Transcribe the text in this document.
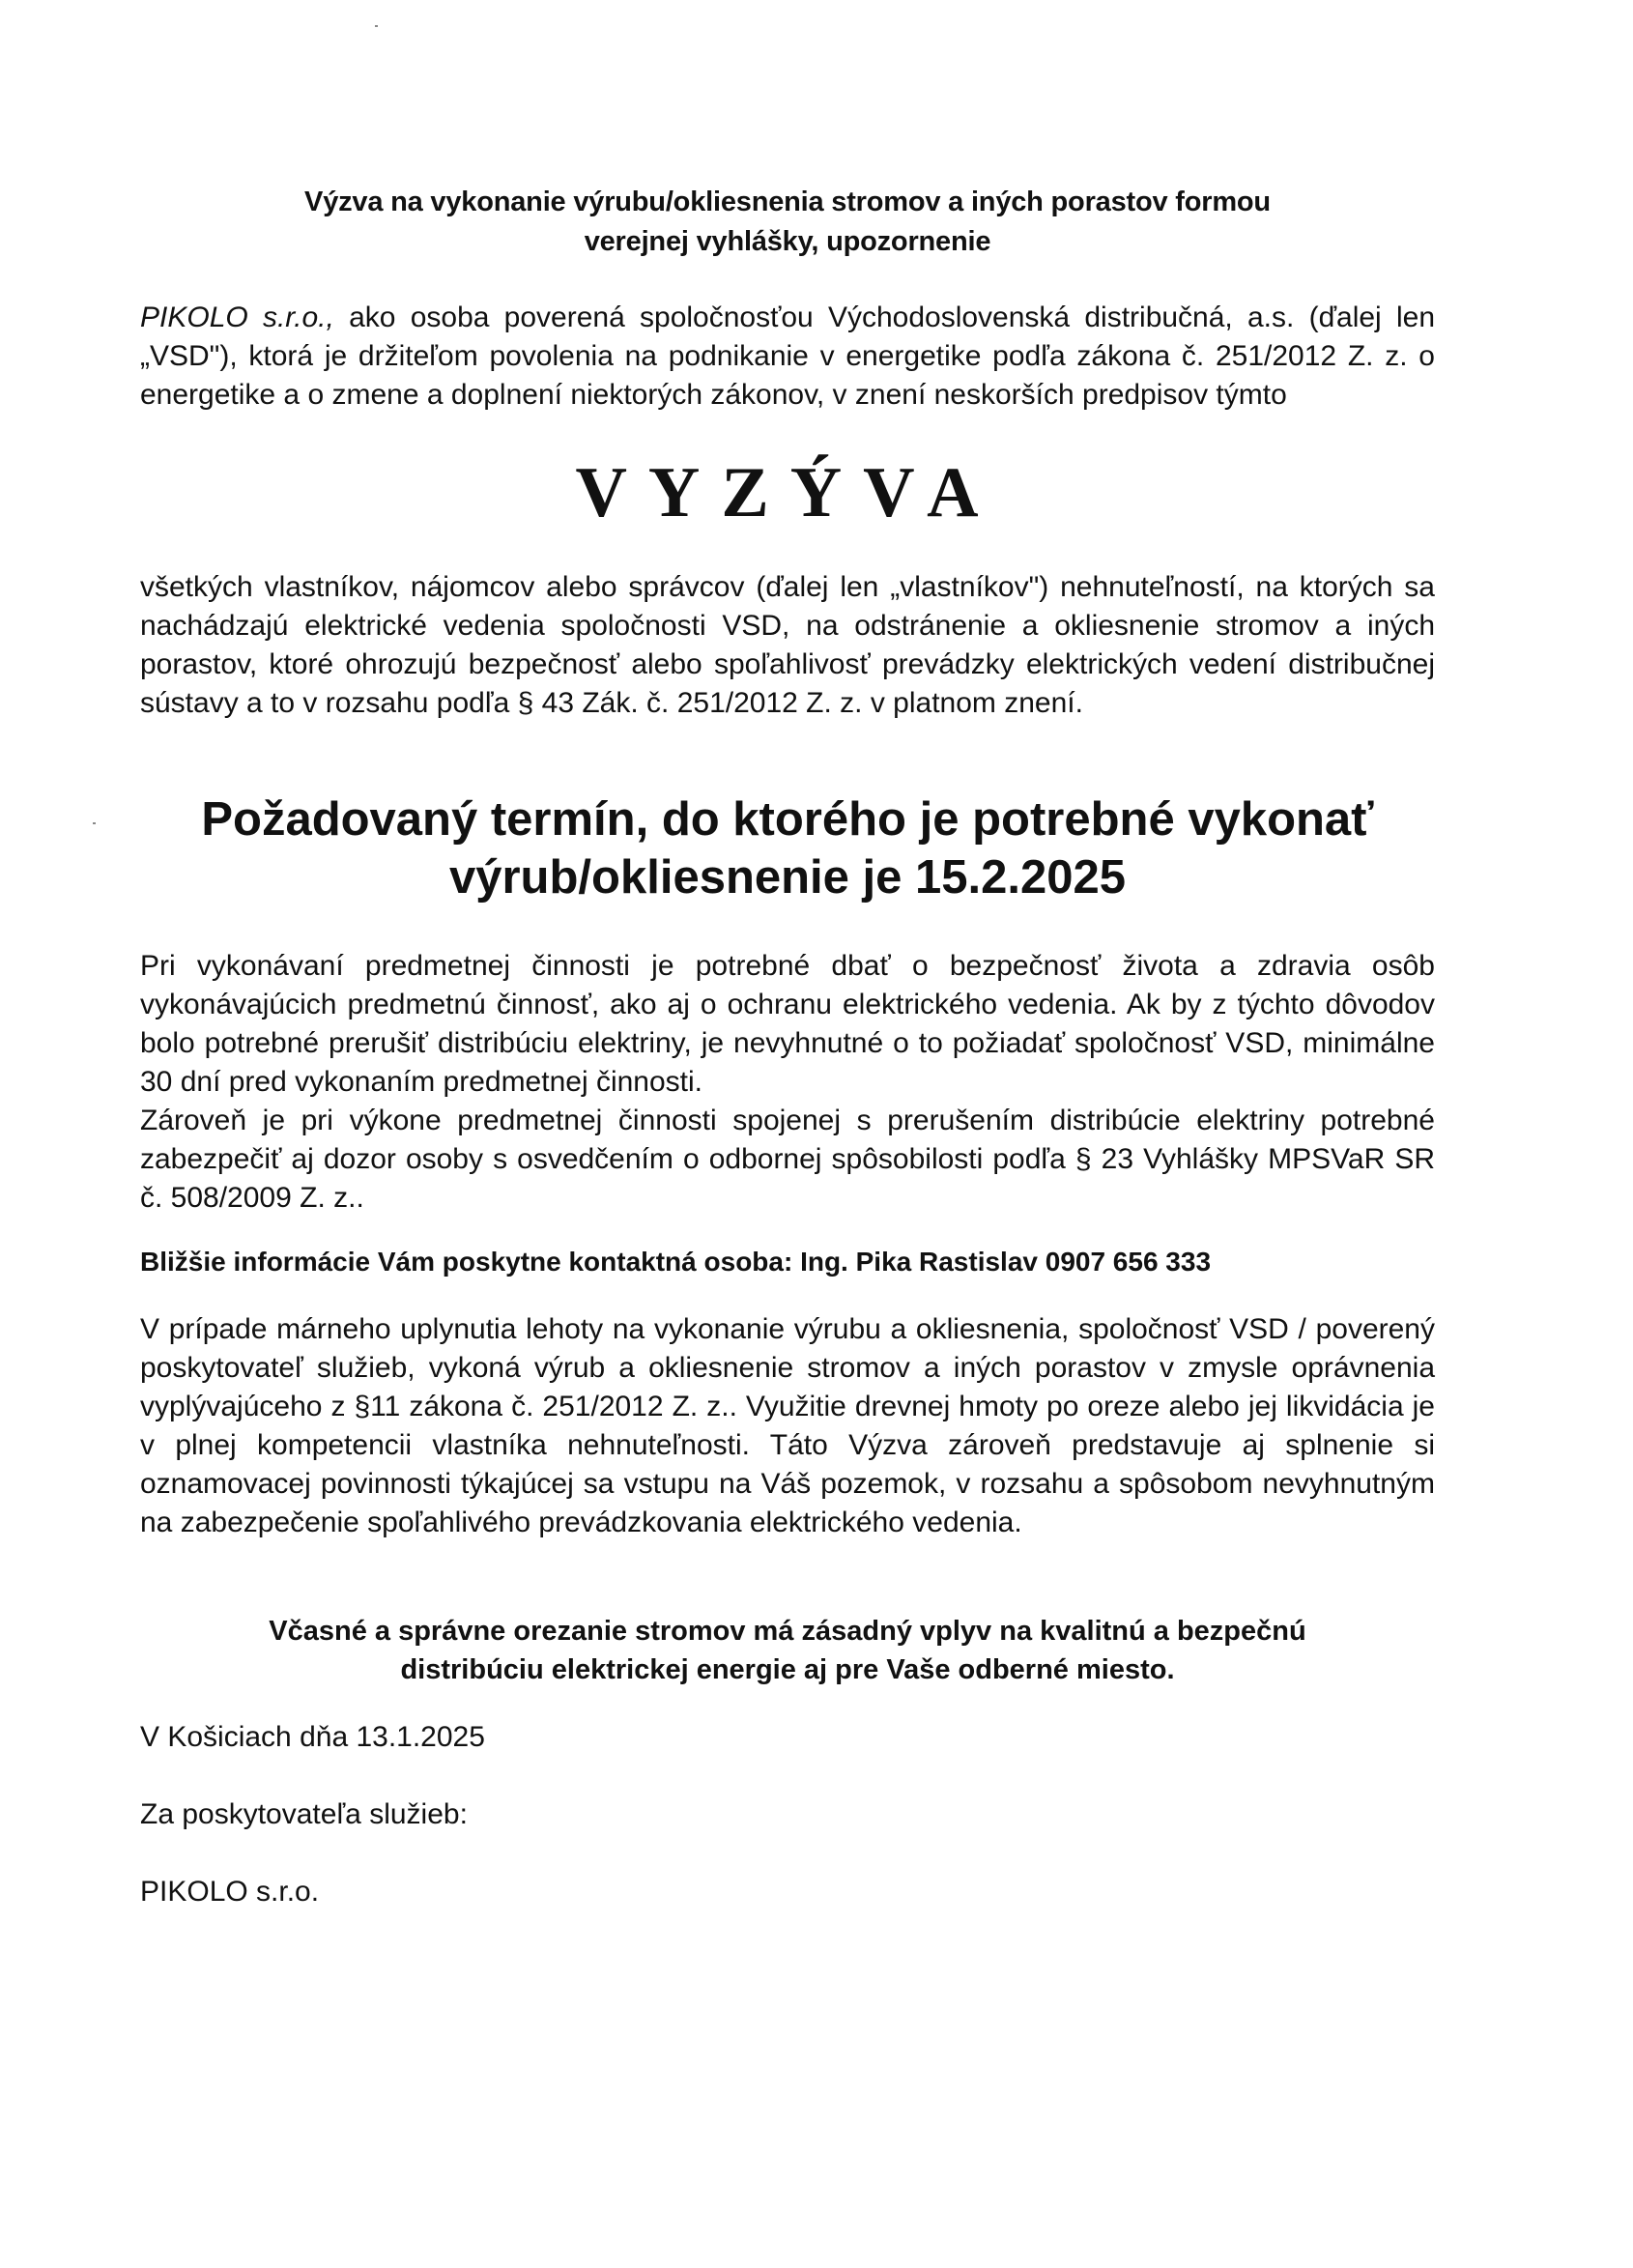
Výzva na vykonanie výrubu/okliesnenia stromov a iných porastov formou
verejnej vyhlášky, upozornenie
PIKOLO s.r.o., ako osoba poverená spoločnosťou Východoslovenská distribučná, a.s. (ďalej len „VSD"), ktorá je držiteľom povolenia na podnikanie v energetike podľa zákona č. 251/2012 Z. z. o energetike a o zmene a doplnení niektorých zákonov, v znení neskorších predpisov týmto
VYZÝVA
všetkých vlastníkov, nájomcov alebo správcov (ďalej len „vlastníkov") nehnuteľností, na ktorých sa nachádzajú elektrické vedenia spoločnosti VSD, na odstránenie a okliesnenie stromov a iných porastov, ktoré ohrozujú bezpečnosť alebo spoľahlivosť prevádzky elektrických vedení distribučnej sústavy a to v rozsahu podľa § 43 Zák. č. 251/2012 Z. z. v platnom znení.
Požadovaný termín, do ktorého je potrebné vykonať
výrub/okliesnenie je 15.2.2025
Pri vykonávaní predmetnej činnosti je potrebné dbať o bezpečnosť života a zdravia osôb vykonávajúcich predmetnú činnosť, ako aj o ochranu elektrického vedenia. Ak by z týchto dôvodov bolo potrebné prerušiť distribúciu elektriny, je nevyhnutné o to požiadať spoločnosť VSD, minimálne 30 dní pred vykonaním predmetnej činnosti.
Zároveň je pri výkone predmetnej činnosti spojenej s prerušením distribúcie elektriny potrebné zabezpečiť aj dozor osoby s osvedčením o odbornej spôsobilosti podľa § 23 Vyhlášky MPSVaR SR č. 508/2009 Z. z..
Bližšie informácie Vám poskytne kontaktná osoba: Ing. Pika Rastislav 0907 656 333
V prípade márneho uplynutia lehoty na vykonanie výrubu a okliesnenia, spoločnosť VSD / poverený poskytovateľ služieb, vykoná výrub a okliesnenie stromov a iných porastov v zmysle oprávnenia vyplývajúceho z §11 zákona č. 251/2012 Z. z.. Využitie drevnej hmoty po oreze alebo jej likvidácia je v plnej kompetencii vlastníka nehnuteľnosti. Táto Výzva zároveň predstavuje aj splnenie si oznamovacej povinnosti týkajúcej sa vstupu na Váš pozemok, v rozsahu a spôsobom nevyhnutným na zabezpečenie spoľahlivého prevádzkovania elektrického vedenia.
Včasné a správne orezanie stromov má zásadný vplyv na kvalitnú a bezpečnú
distribúciu elektrickej energie aj pre Vaše odberné miesto.
V Košiciach dňa 13.1.2025
Za poskytovateľa služieb:
PIKOLO s.r.o.
